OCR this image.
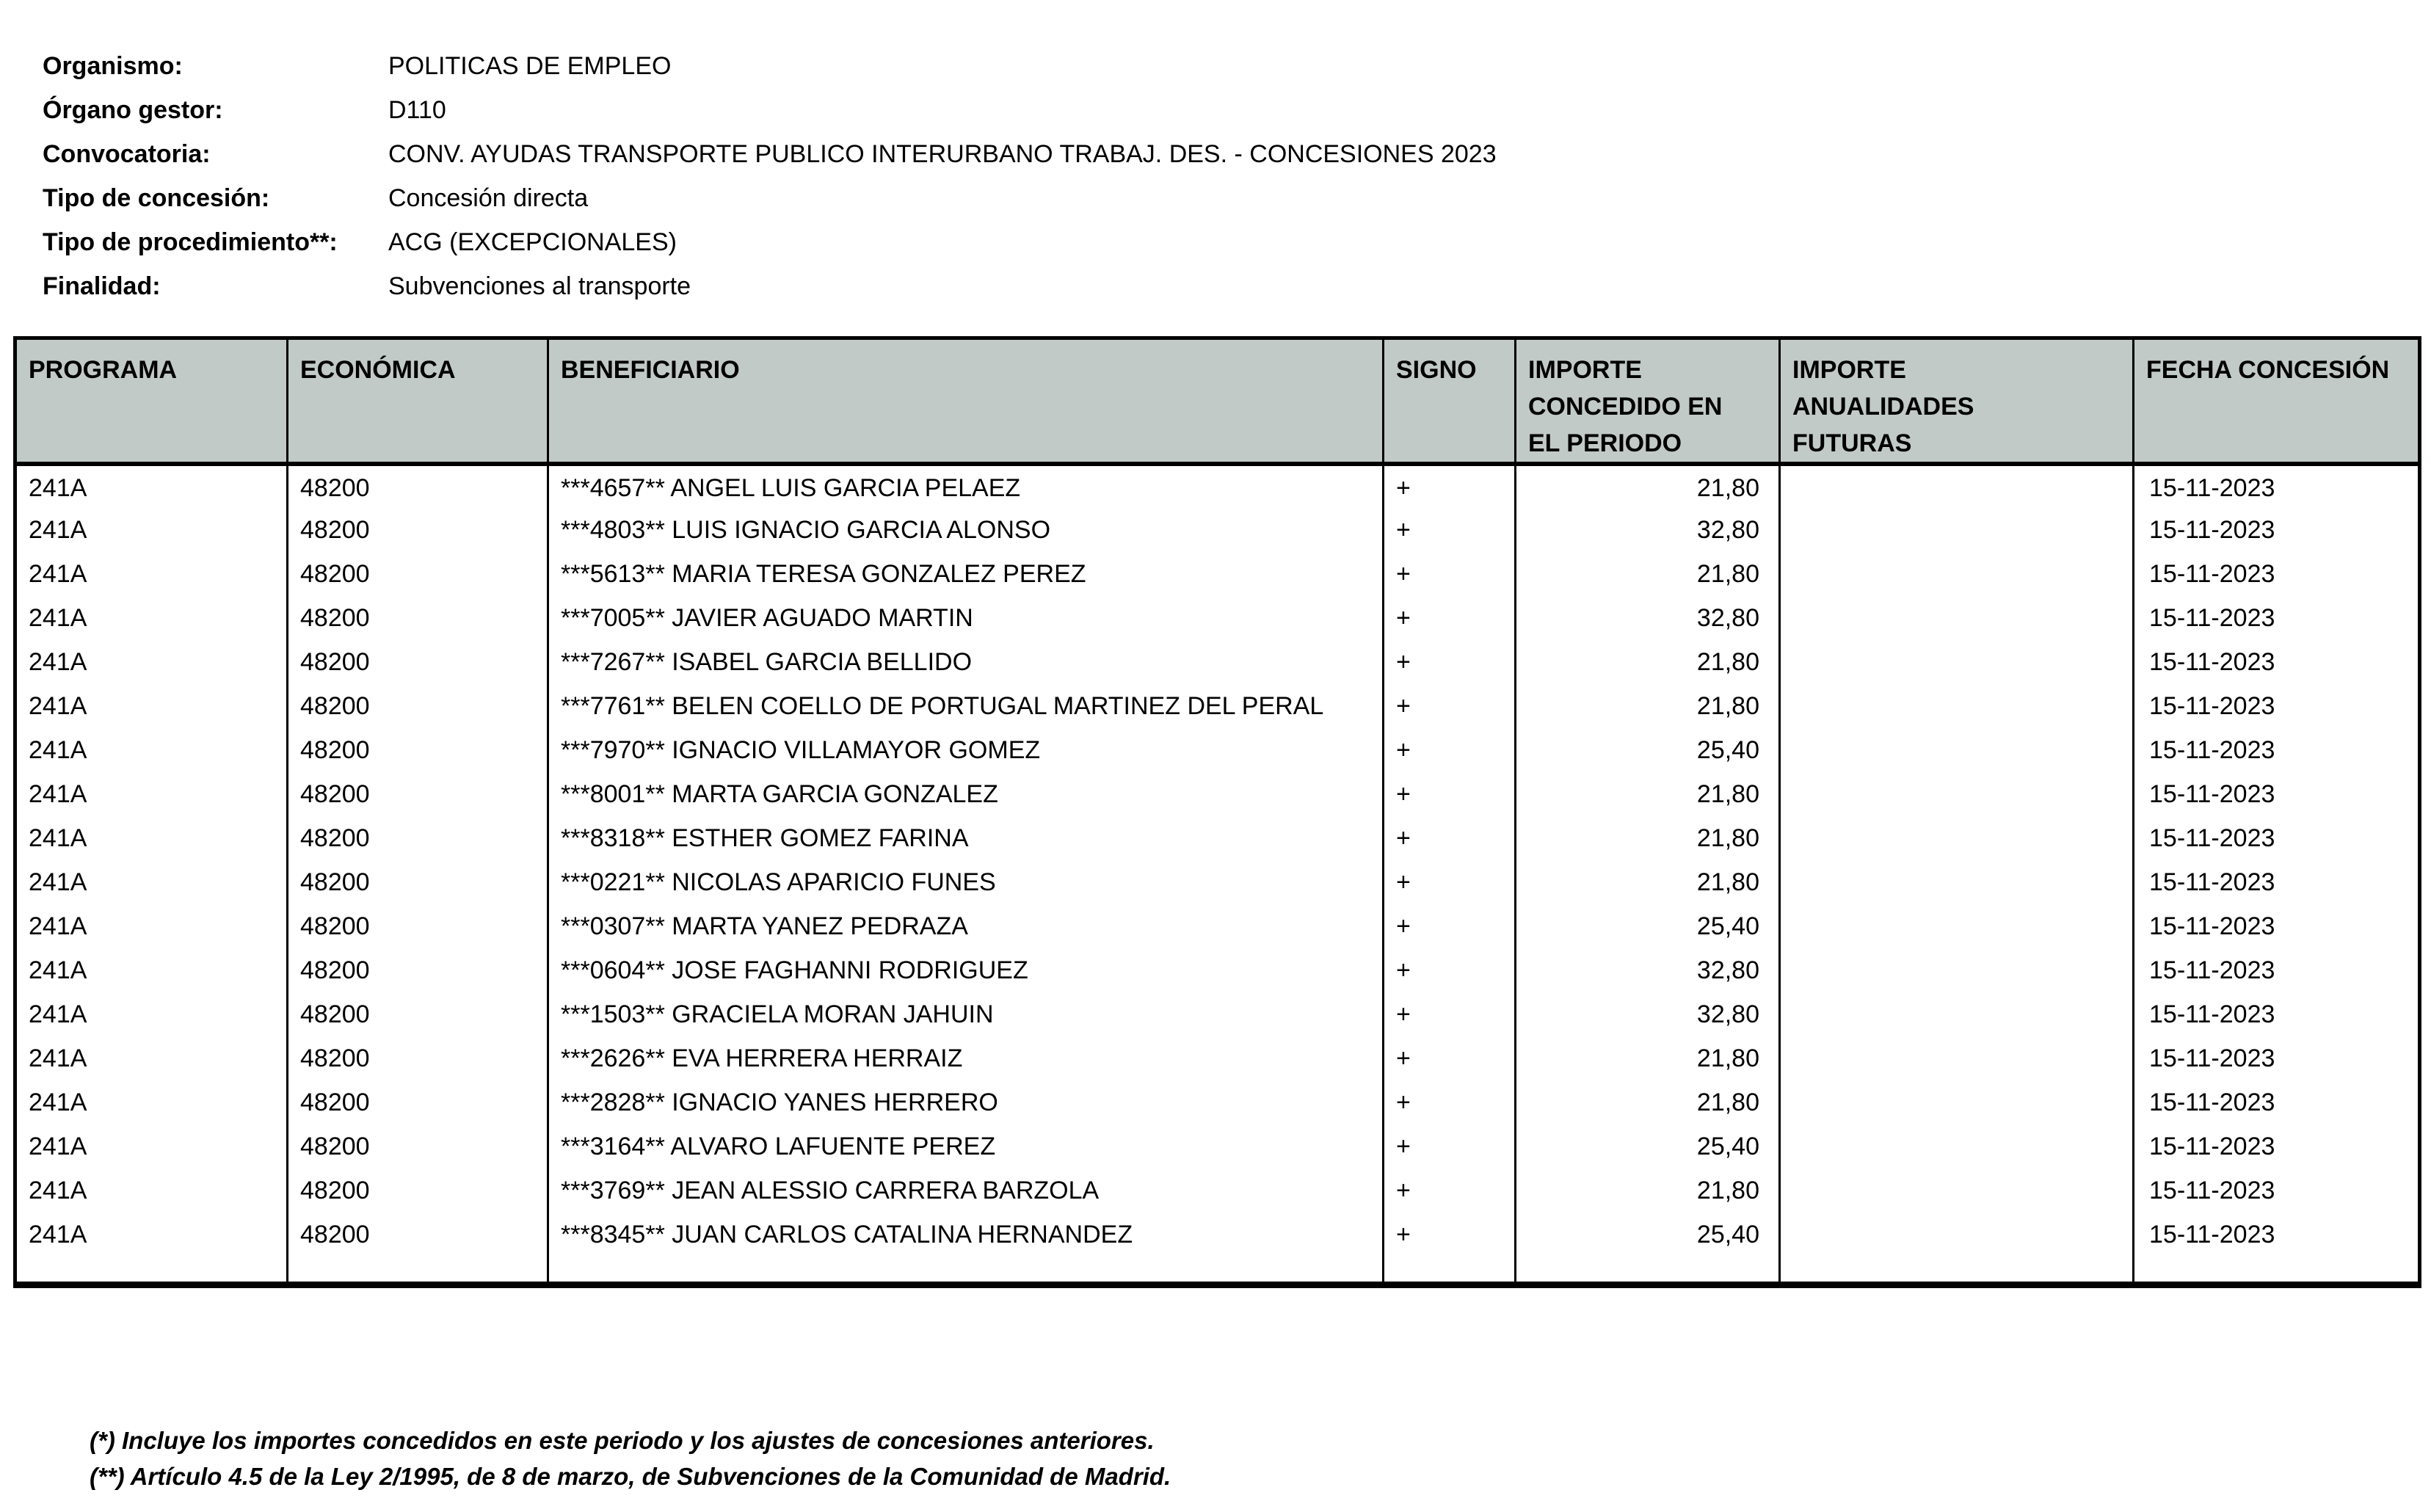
Organismo:	POLITICAS DE EMPLEO
Órgano gestor:	D110
Convocatoria:	CONV. AYUDAS TRANSPORTE PUBLICO INTERURBANO TRABAJ. DES. - CONCESIONES 2023
Tipo de concesión:	Concesión directa
Tipo de procedimiento**:	ACG (EXCEPCIONALES)
Finalidad:	Subvenciones al transporte
PROGRAMA	ECONÓMICA	BENEFICIARIO	SIGNO	IMPORTE CONCEDIDO EN EL PERIODO	IMPORTE ANUALIDADES FUTURAS	FECHA CONCESIÓN
241A	48200	***4657** ANGEL LUIS GARCIA PELAEZ	+	21,80		15-11-2023
241A	48200	***4803** LUIS IGNACIO GARCIA ALONSO	+	32,80		15-11-2023
241A	48200	***5613** MARIA TERESA GONZALEZ PEREZ	+	21,80		15-11-2023
241A	48200	***7005** JAVIER AGUADO MARTIN	+	32,80		15-11-2023
241A	48200	***7267** ISABEL GARCIA BELLIDO	+	21,80		15-11-2023
241A	48200	***7761** BELEN COELLO DE PORTUGAL MARTINEZ DEL PERAL	+	21,80		15-11-2023
241A	48200	***7970** IGNACIO VILLAMAYOR GOMEZ	+	25,40		15-11-2023
241A	48200	***8001** MARTA GARCIA GONZALEZ	+	21,80		15-11-2023
241A	48200	***8318** ESTHER GOMEZ FARINA	+	21,80		15-11-2023
241A	48200	***0221** NICOLAS APARICIO FUNES	+	21,80		15-11-2023
241A	48200	***0307** MARTA YANEZ PEDRAZA	+	25,40		15-11-2023
241A	48200	***0604** JOSE FAGHANNI RODRIGUEZ	+	32,80		15-11-2023
241A	48200	***1503** GRACIELA MORAN JAHUIN	+	32,80		15-11-2023
241A	48200	***2626** EVA HERRERA HERRAIZ	+	21,80		15-11-2023
241A	48200	***2828** IGNACIO YANES HERRERO	+	21,80		15-11-2023
241A	48200	***3164** ALVARO LAFUENTE PEREZ	+	25,40		15-11-2023
241A	48200	***3769** JEAN ALESSIO CARRERA BARZOLA	+	21,80		15-11-2023
241A	48200	***8345** JUAN CARLOS CATALINA HERNANDEZ	+	25,40		15-11-2023
(*) Incluye los importes concedidos en este periodo y los ajustes de concesiones anteriores.
(**) Artículo 4.5 de la Ley 2/1995, de 8 de marzo, de Subvenciones de la Comunidad de Madrid.
